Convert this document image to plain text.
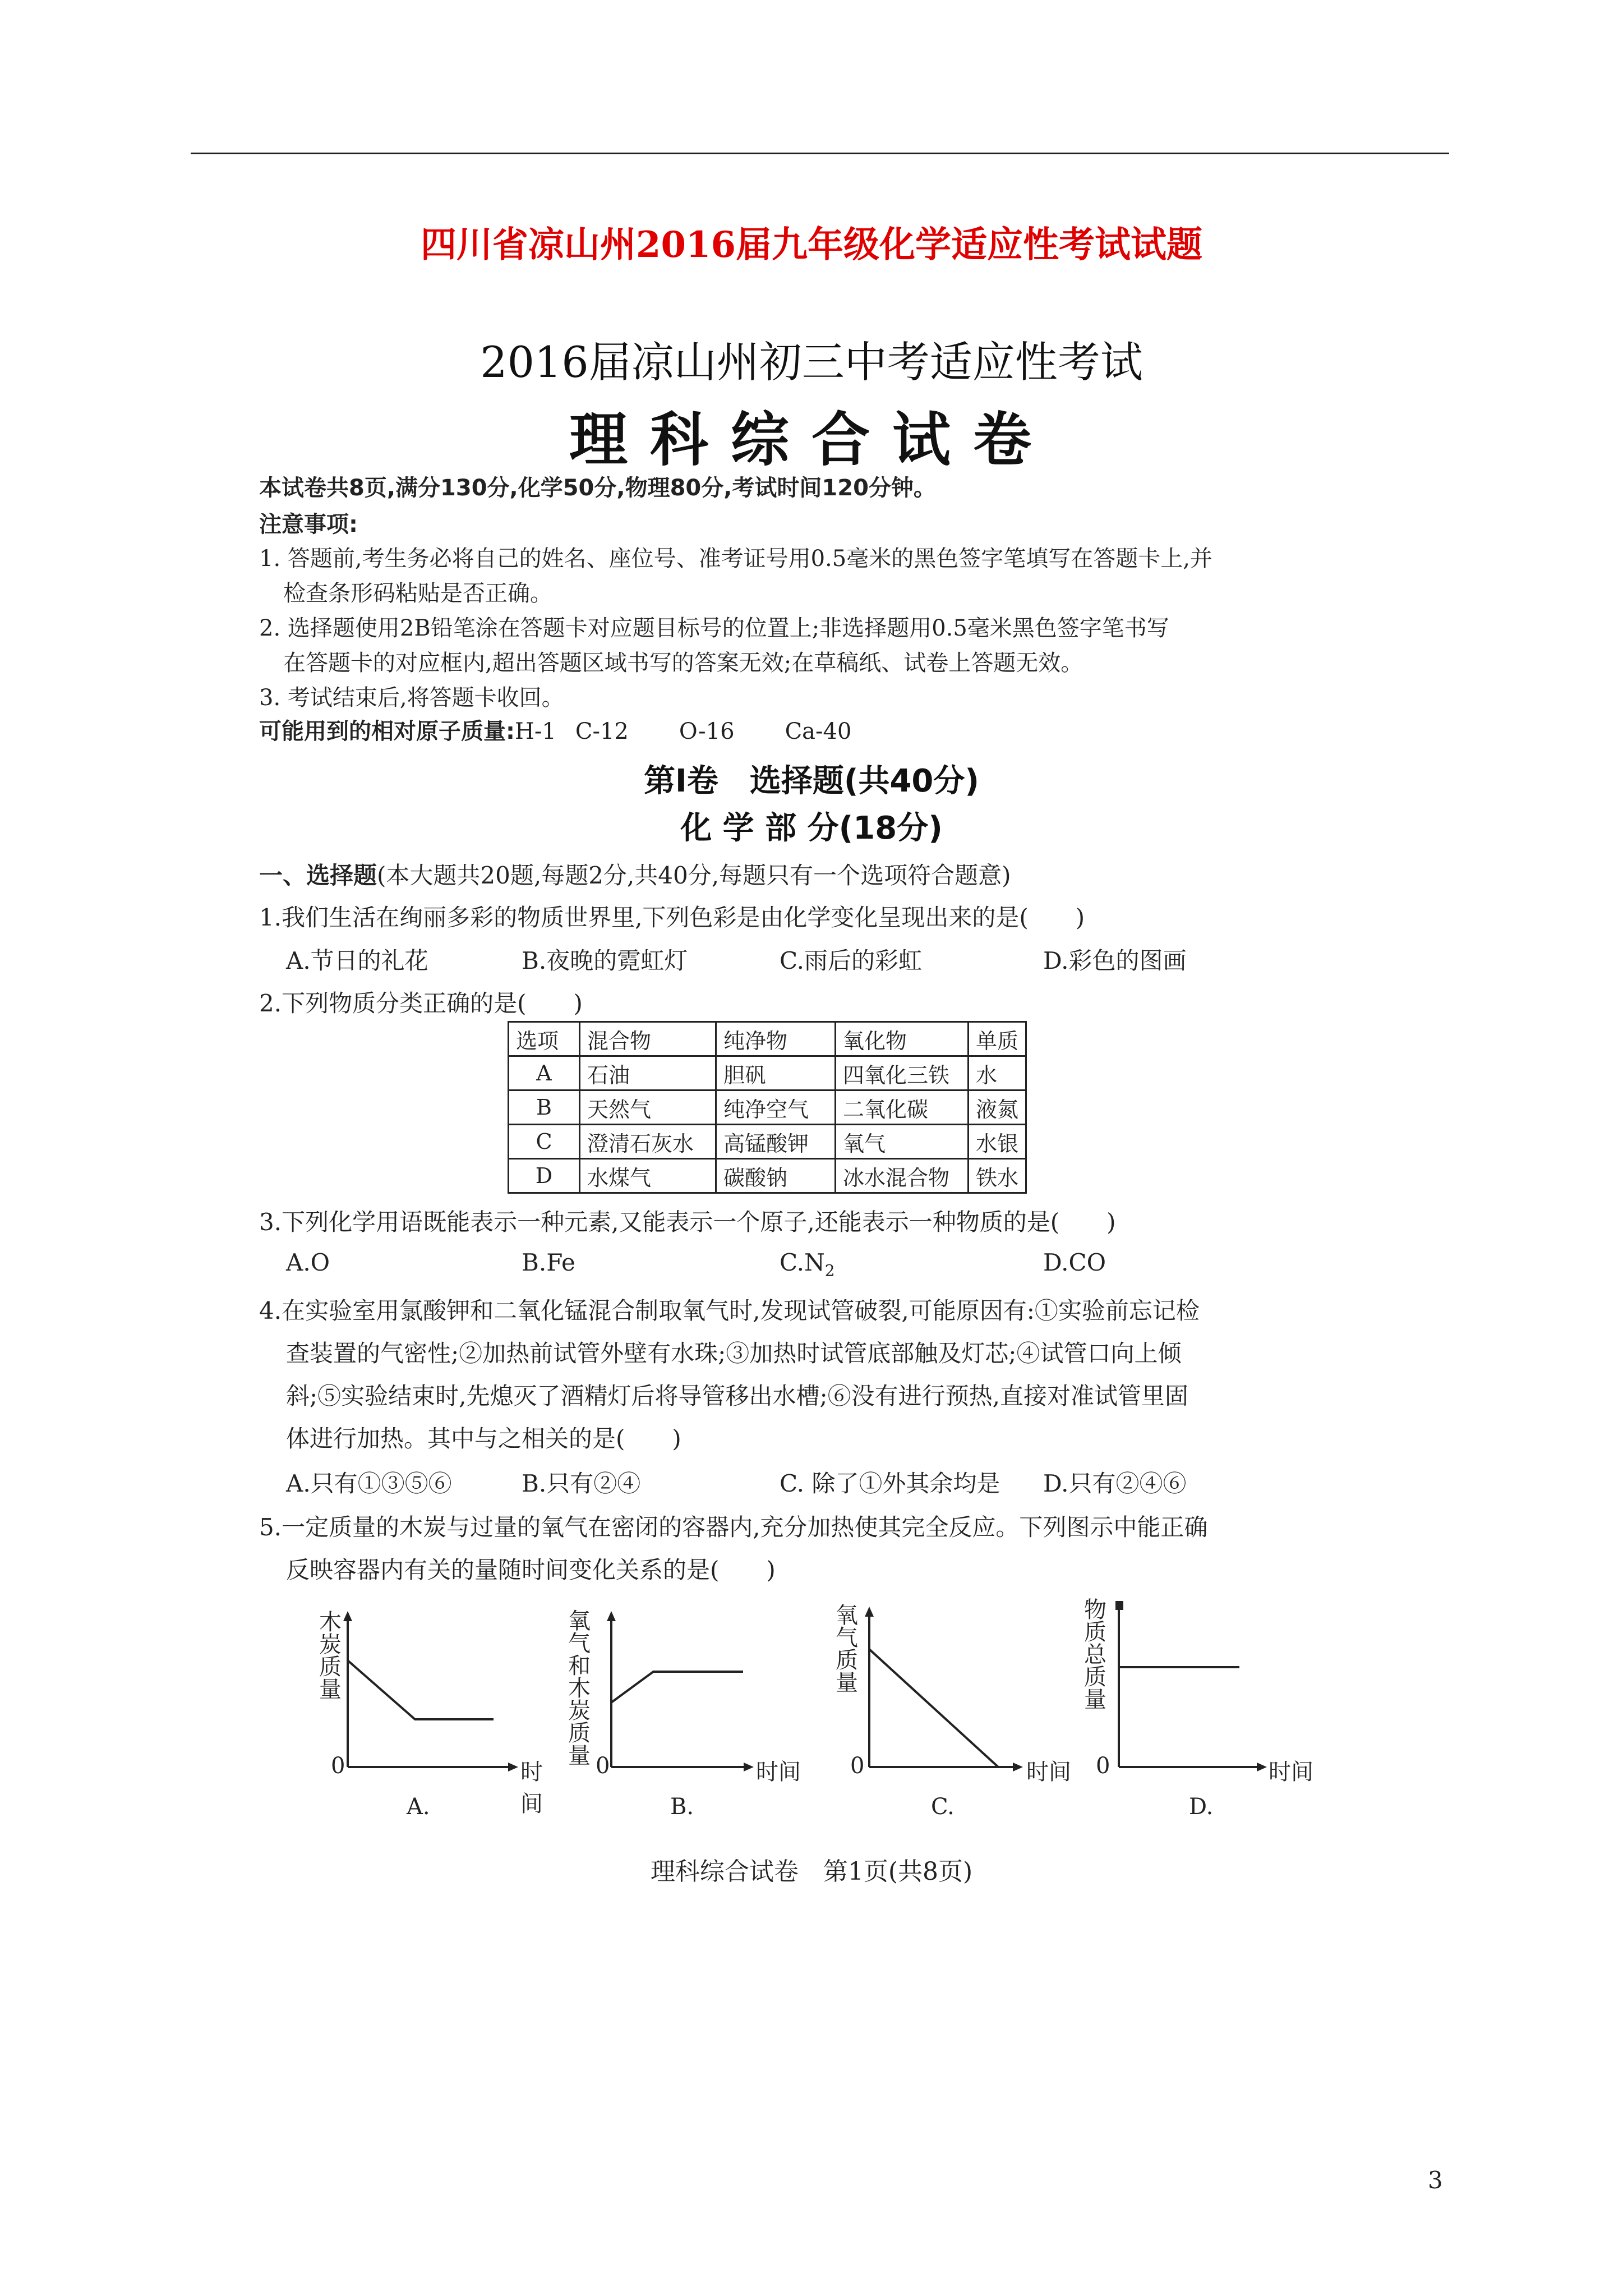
四川省凉山州2016届九年级化学适应性考试试题
2016届凉山州初三中考适应性考试
理科综合试卷
本试卷共8页,满分130分,化学50分,物理80分,考试时间120分钟。
注意事项:
1. 答题前,考生务必将自己的姓名、座位号、准考证号用0.5毫米的黑色签字笔填写在答题卡上,并
检查条形码粘贴是否正确。
2. 选择题使用2B铅笔涂在答题卡对应题目标号的位置上;非选择题用0.5毫米黑色签字笔书写
在答题卡的对应框内,超出答题区域书写的答案无效;在草稿纸、试卷上答题无效。
3. 考试结束后,将答题卡收回。
可能用到的相对原子质量:H-1 C-12 O-16 Ca-40
第Ⅰ卷　选择题(共40分)
化 学 部 分(18分)
一、选择题(本大题共20题,每题2分,共40分,每题只有一个选项符合题意)
1.我们生活在绚丽多彩的物质世界里,下列色彩是由化学变化呈现出来的是(　　)
A.节日的礼花	B.夜晚的霓虹灯	C.雨后的彩虹	D.彩色的图画
2.下列物质分类正确的是(　　)
选项	混合物	纯净物	氧化物	单质
A	石油	胆矾	四氧化三铁	水
B	天然气	纯净空气	二氧化碳	液氮
C	澄清石灰水	高锰酸钾	氧气	水银
D	水煤气	碳酸钠	冰水混合物	铁水
3.下列化学用语既能表示一种元素,又能表示一个原子,还能表示一种物质的是(　　)
A.O	B.Fe	$C.N_2$	D.CO
4.在实验室用氯酸钾和二氧化锰混合制取氧气时,发现试管破裂,可能原因有:①实验前忘记检
查装置的气密性;②加热前试管外壁有水珠;③加热时试管底部触及灯芯;④试管口向上倾
斜;⑤实验结束时,先熄灭了酒精灯后将导管移出水槽;⑥没有进行预热,直接对准试管里固
体进行加热。其中与之相关的是(　　)
A.只有①③⑤⑥	B.只有②④	C. 除了①外其余均是 D.只有②④⑥
5.一定质量的木炭与过量的氧气在密闭的容器内,充分加热使其完全反应。下列图示中能正确
反映容器内有关的量随时间变化关系的是(　　)
木
炭
质
量
0	时间
A.
氧
气
和
木
炭
质
量 0	时间
B.
氧
气
质
量
0	时间
C.
物
质
总
质
量
0	时间
D.
理科综合试卷　第1页(共8页)
3
